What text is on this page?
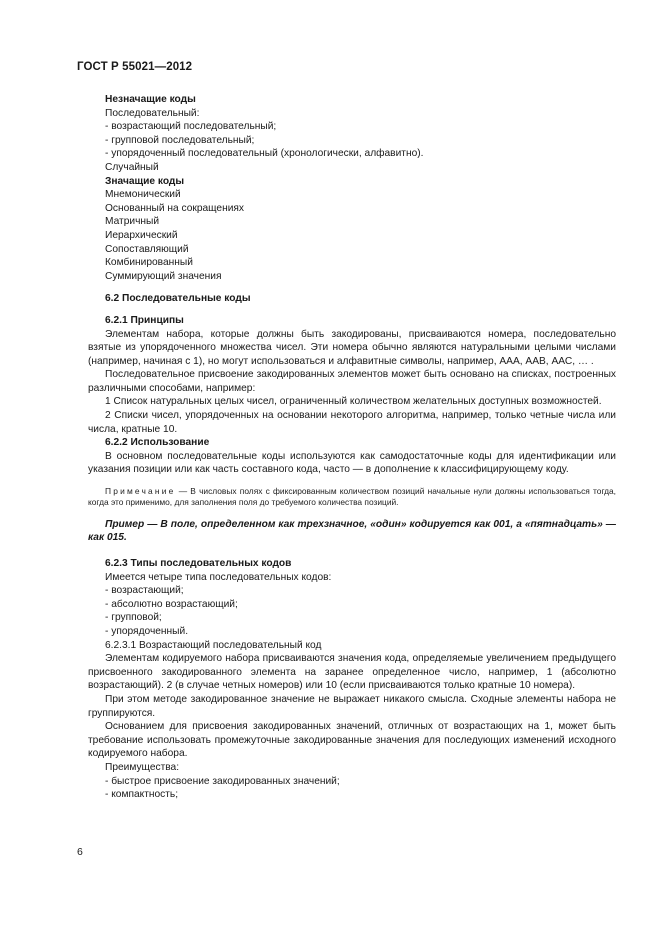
ГОСТ Р 55021—2012
Незначащие коды
Последовательный:
- возрастающий последовательный;
- групповой последовательный;
- упорядоченный последовательный (хронологически, алфавитно).
Случайный
Значащие коды
Мнемонический
Основанный на сокращениях
Матричный
Иерархический
Сопоставляющий
Комбинированный
Суммирующий значения
6.2 Последовательные коды
6.2.1 Принципы

Элементам набора, которые должны быть закодированы, присваиваются номера, последовательно взятые из упорядоченного множества чисел. Эти номера обычно являются натуральными целыми числами (например, начиная с 1), но могут использоваться и алфавитные символы, например, ААА, ААВ, ААС, … .

Последовательное присвоение закодированных элементов может быть основано на списках, построенных различными способами, например:

1 Список натуральных целых чисел, ограниченный количеством желательных доступных возможностей.

2 Списки чисел, упорядоченных на основании некоторого алгоритма, например, только четные числа или числа, кратные 10.

6.2.2 Использование

В основном последовательные коды используются как самодостаточные коды для идентификации или указания позиции или как часть составного кода, часто — в дополнение к классифицирующему коду.

Примечание — В числовых полях с фиксированным количеством позиций начальные нули должны использоваться тогда, когда это применимо, для заполнения поля до требуемого количества позиций.

Пример — В поле, определенном как трехзначное, «один» кодируется как 001, а «пятнадцать» — как 015.

6.2.3 Типы последовательных кодов
Имеется четыре типа последовательных кодов:
- возрастающий;
- абсолютно возрастающий;
- групповой;
- упорядоченный.
6.2.3.1 Возрастающий последовательный код

Элементам кодируемого набора присваиваются значения кода, определяемые увеличением предыдущего присвоенного закодированного элемента на заранее определенное число, например, 1 (абсолютно возрастающий). 2 (в случае четных номеров) или 10 (если присваиваются только кратные 10 номера).

При этом методе закодированное значение не выражает никакого смысла. Сходные элементы набора не группируются.

Основанием для присвоения закодированных значений, отличных от возрастающих на 1, может быть требование использовать промежуточные закодированные значения для последующих изменений исходного кодируемого набора.

Преимущества:
- быстрое присвоение закодированных значений;
- компактность;
6
